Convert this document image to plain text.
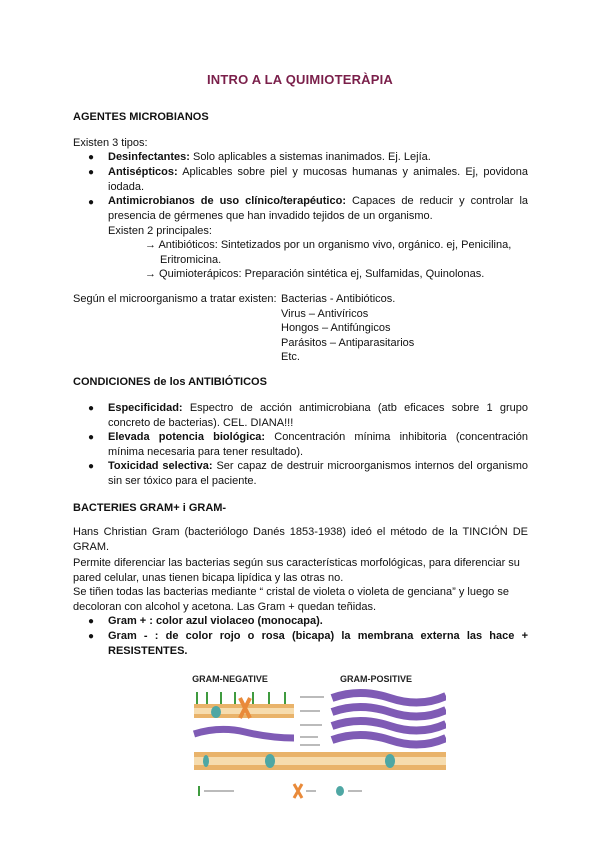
INTRO A LA QUIMIOTERÀPIA
AGENTES MICROBIANOS
Existen 3 tipos:
●	Desinfectantes: Solo aplicables a sistemas inanimados. Ej. Lejía.
●	Antisépticos: Aplicables sobre piel y mucosas humanas y animales. Ej, povidona iodada.
●	Antimicrobianos de uso clínico/terapéutico: Capaces de reducir y controlar la presencia de gérmenes que han invadido tejidos de un organismo.
Existen 2 principales:
→ Antibióticos: Sintetizados por un organismo vivo, orgánico. ej, Penicilina,
Eritromicina.
→ Quimioterápicos: Preparación sintética ej, Sulfamidas, Quinolonas.
Según el microorganismo a tratar existen: Bacterias - Antibióticos.
Virus – Antivíricos
Hongos – Antifúngicos
Parásitos – Antiparasitarios
Etc.
CONDICIONES de los ANTIBIÓTICOS
●	Especificidad: Espectro de acción antimicrobiana (atb eficaces sobre 1 grupo concreto de bacterias). CEL. DIANA!!!
●	Elevada potencia biológica: Concentración mínima inhibitoria (concentración mínima necesaria para tener resultado).
●	Toxicidad selectiva: Ser capaz de destruir microorganismos internos del organismo sin ser tóxico para el paciente.
BACTERIES GRAM+ i GRAM-
Hans Christian Gram (bacteriólogo Danés 1853-1938) ideó el método de la TINCIÓN DE GRAM.
Permite diferenciar las bacterias según sus características morfológicas, para diferenciar su pared celular, unas tienen bicapa lipídica y las otras no.
Se tiñen todas las bacterias mediante “ cristal de violeta o violeta de genciana” y luego se decoloran con alcohol y acetona. Las Gram + quedan teñidas.
●	Gram + : color azul violaceo (monocapa).
●	Gram - : de color rojo o rosa (bicapa) la membrana externa las hace + RESISTENTES.
GRAM-NEGATIVE	GRAM-POSITIVE
